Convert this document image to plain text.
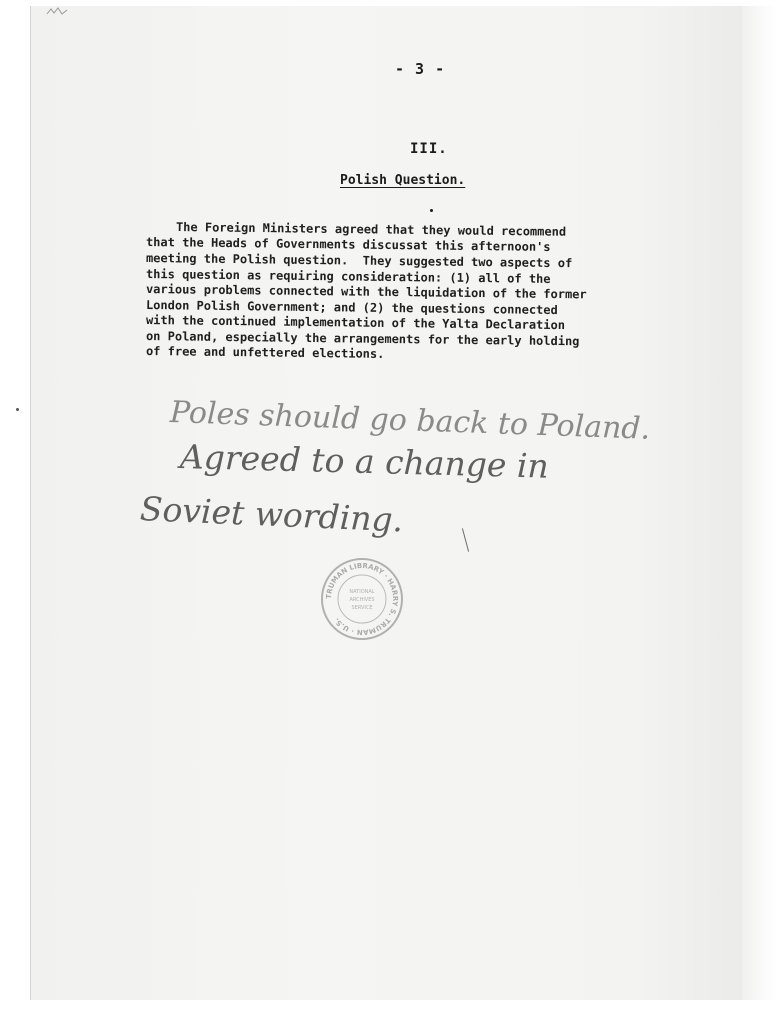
- 3 -
III.
Polish Question.
The Foreign Ministers agreed that they would recommend
that the Heads of Governments discussat this afternoon's
meeting the Polish question.  They suggested two aspects of
this question as requiring consideration: (1) all of the
various problems connected with the liquidation of the former
London Polish Government; and (2) the questions connected
with the continued implementation of the Yalta Declaration
on Poland, especially the arrangements for the early holding
of free and unfettered elections.
Poles should go back to Poland.
Agreed to a change in
Soviet wording.
TRUMAN LIBRARY · HARRY S. TRUMAN · U.S.
NATIONAL
ARCHIVES
SERVICE
